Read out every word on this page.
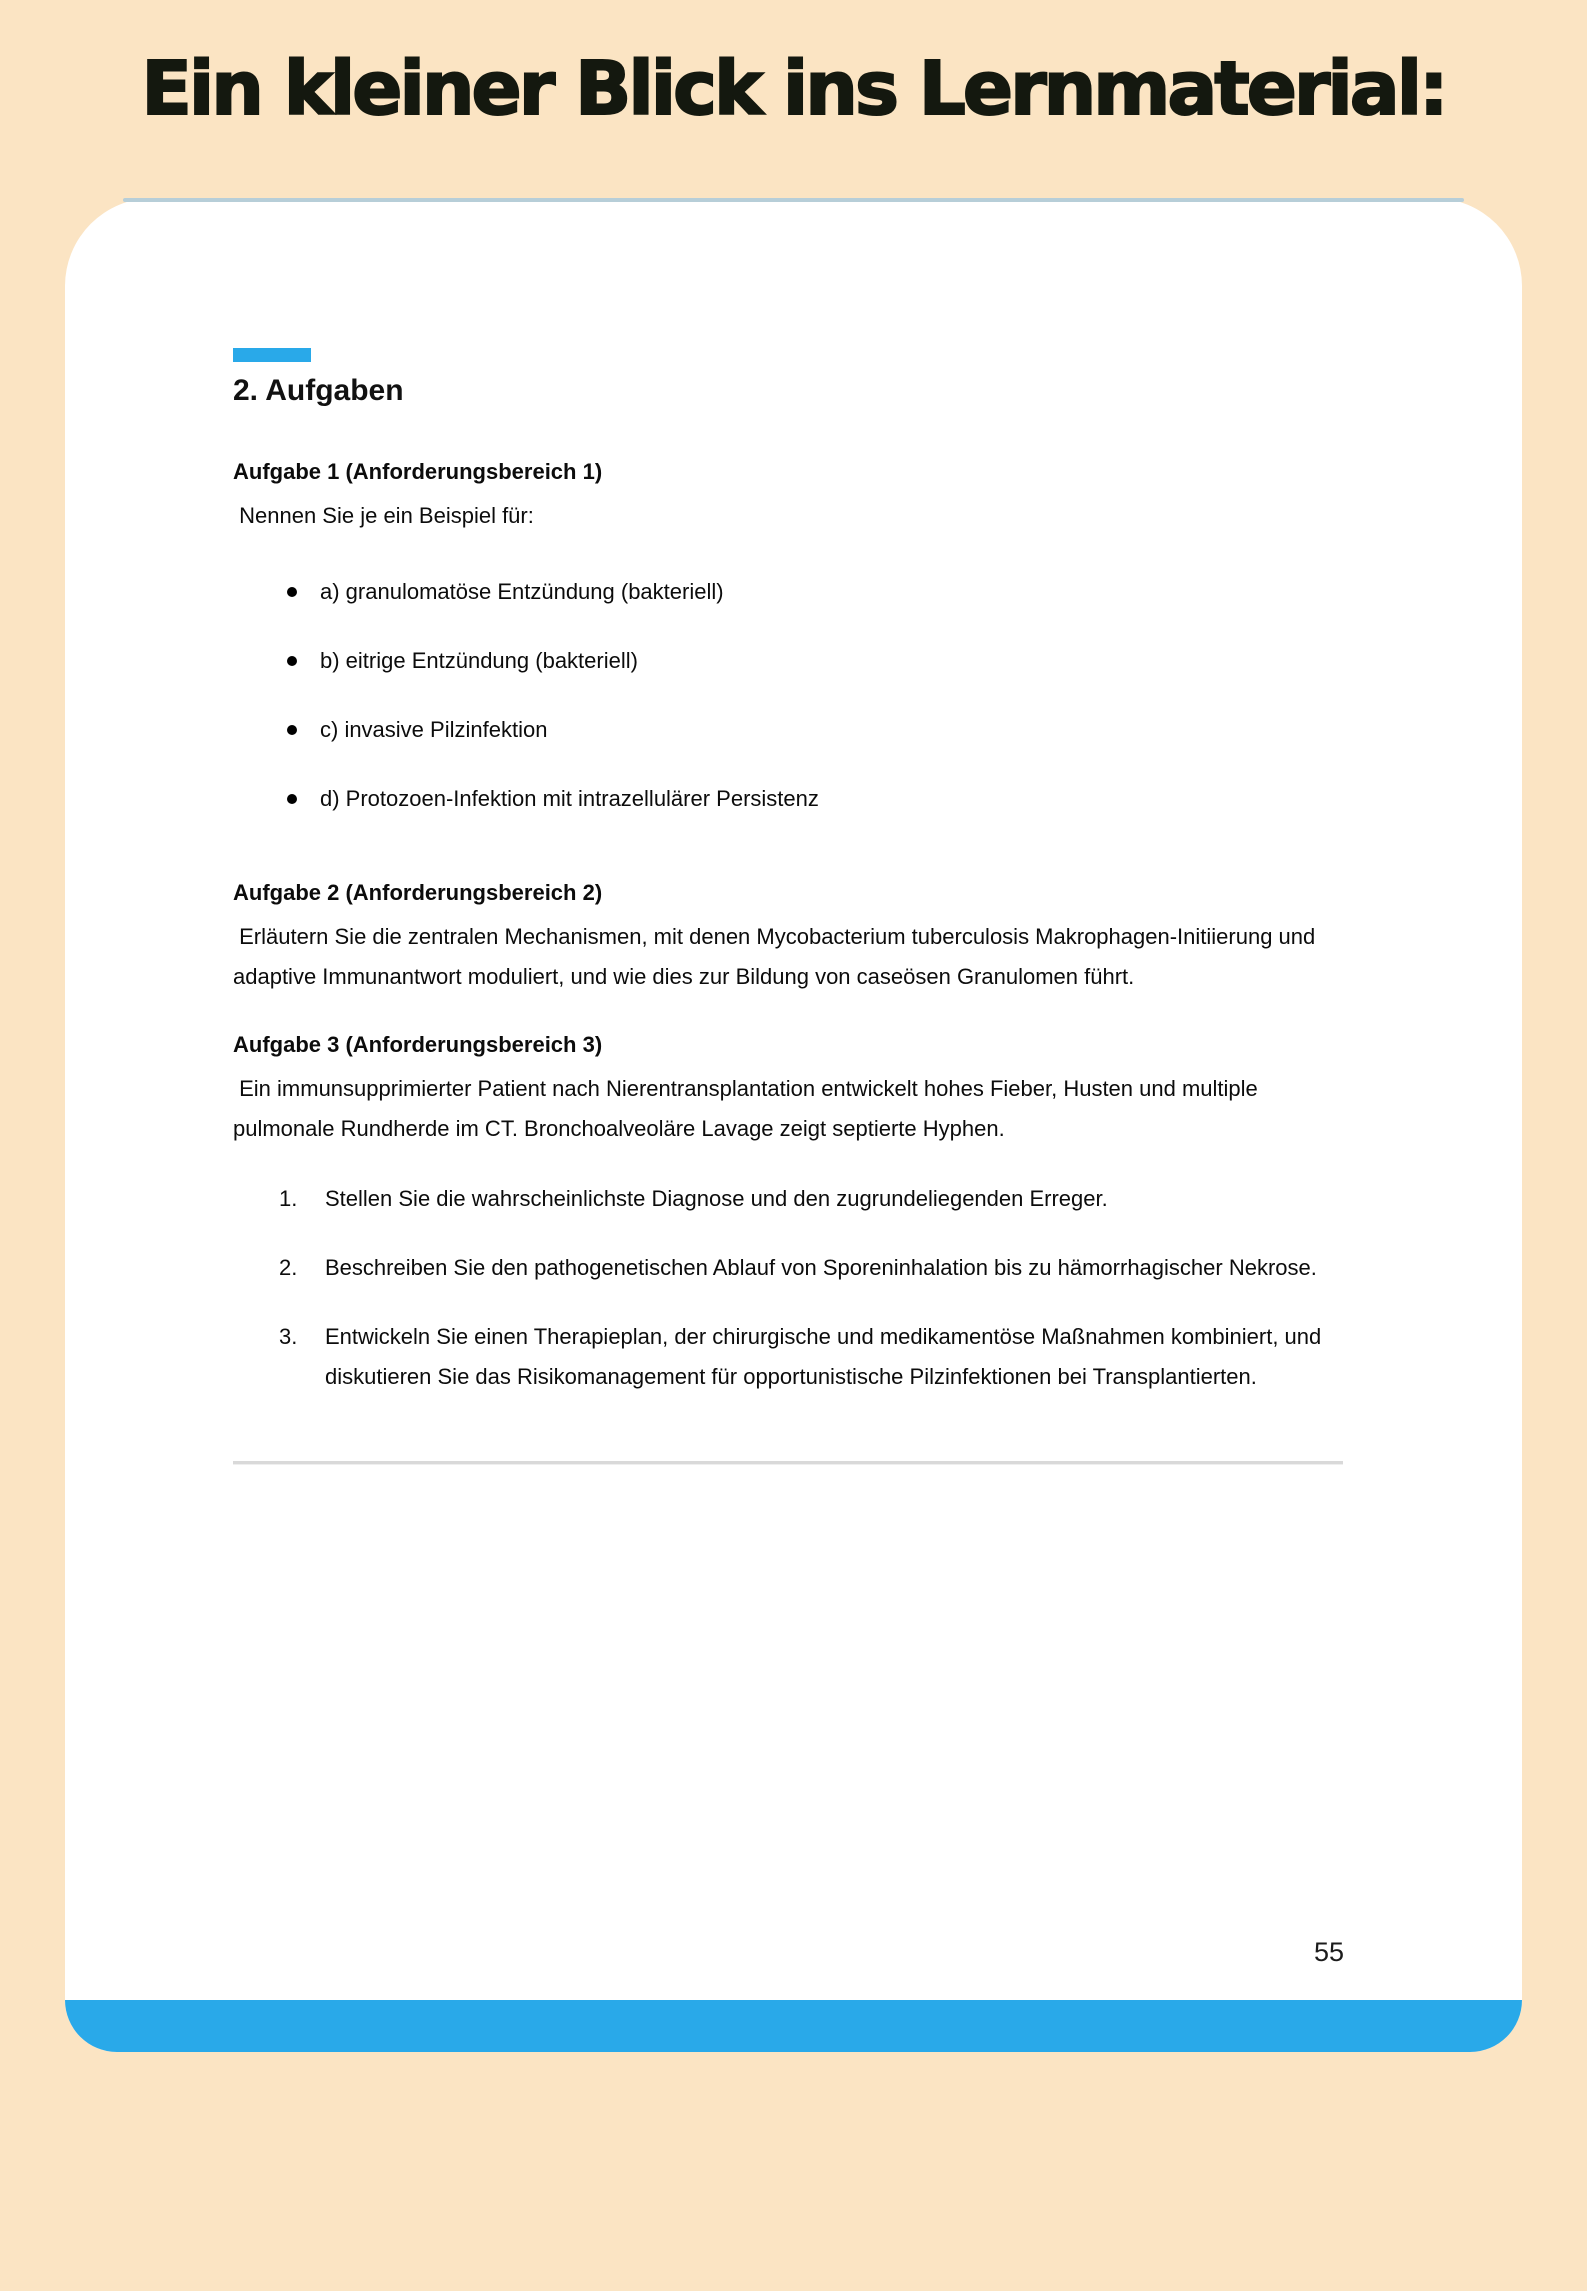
Ein kleiner Blick ins Lernmaterial:
2. Aufgaben
Aufgabe 1 (Anforderungsbereich 1)

Nennen Sie je ein Beispiel für:

a) granulomatöse Entzündung (bakteriell)
b) eitrige Entzündung (bakteriell)
c) invasive Pilzinfektion
d) Protozoen-Infektion mit intrazellulärer Persistenz
Aufgabe 2 (Anforderungsbereich 2)

Erläutern Sie die zentralen Mechanismen, mit denen Mycobacterium tuberculosis Makrophagen-Initiierung und adaptive Immunantwort moduliert, und wie dies zur Bildung von caseösen Granulomen führt.

Aufgabe 3 (Anforderungsbereich 3)

Ein immunsupprimierter Patient nach Nierentransplantation entwickelt hohes Fieber, Husten und multiple pulmonale Rundherde im CT. Bronchoalveoläre Lavage zeigt septierte Hyphen.

1. Stellen Sie die wahrscheinlichste Diagnose und den zugrundeliegenden Erreger.
2. Beschreiben Sie den pathogenetischen Ablauf von Sporeninhalation bis zu hämorrhagischer Nekrose.
3. Entwickeln Sie einen Therapieplan, der chirurgische und medikamentöse Maßnahmen kombiniert, und diskutieren Sie das Risikomanagement für opportunistische Pilzinfektionen bei Transplantierten.
55
